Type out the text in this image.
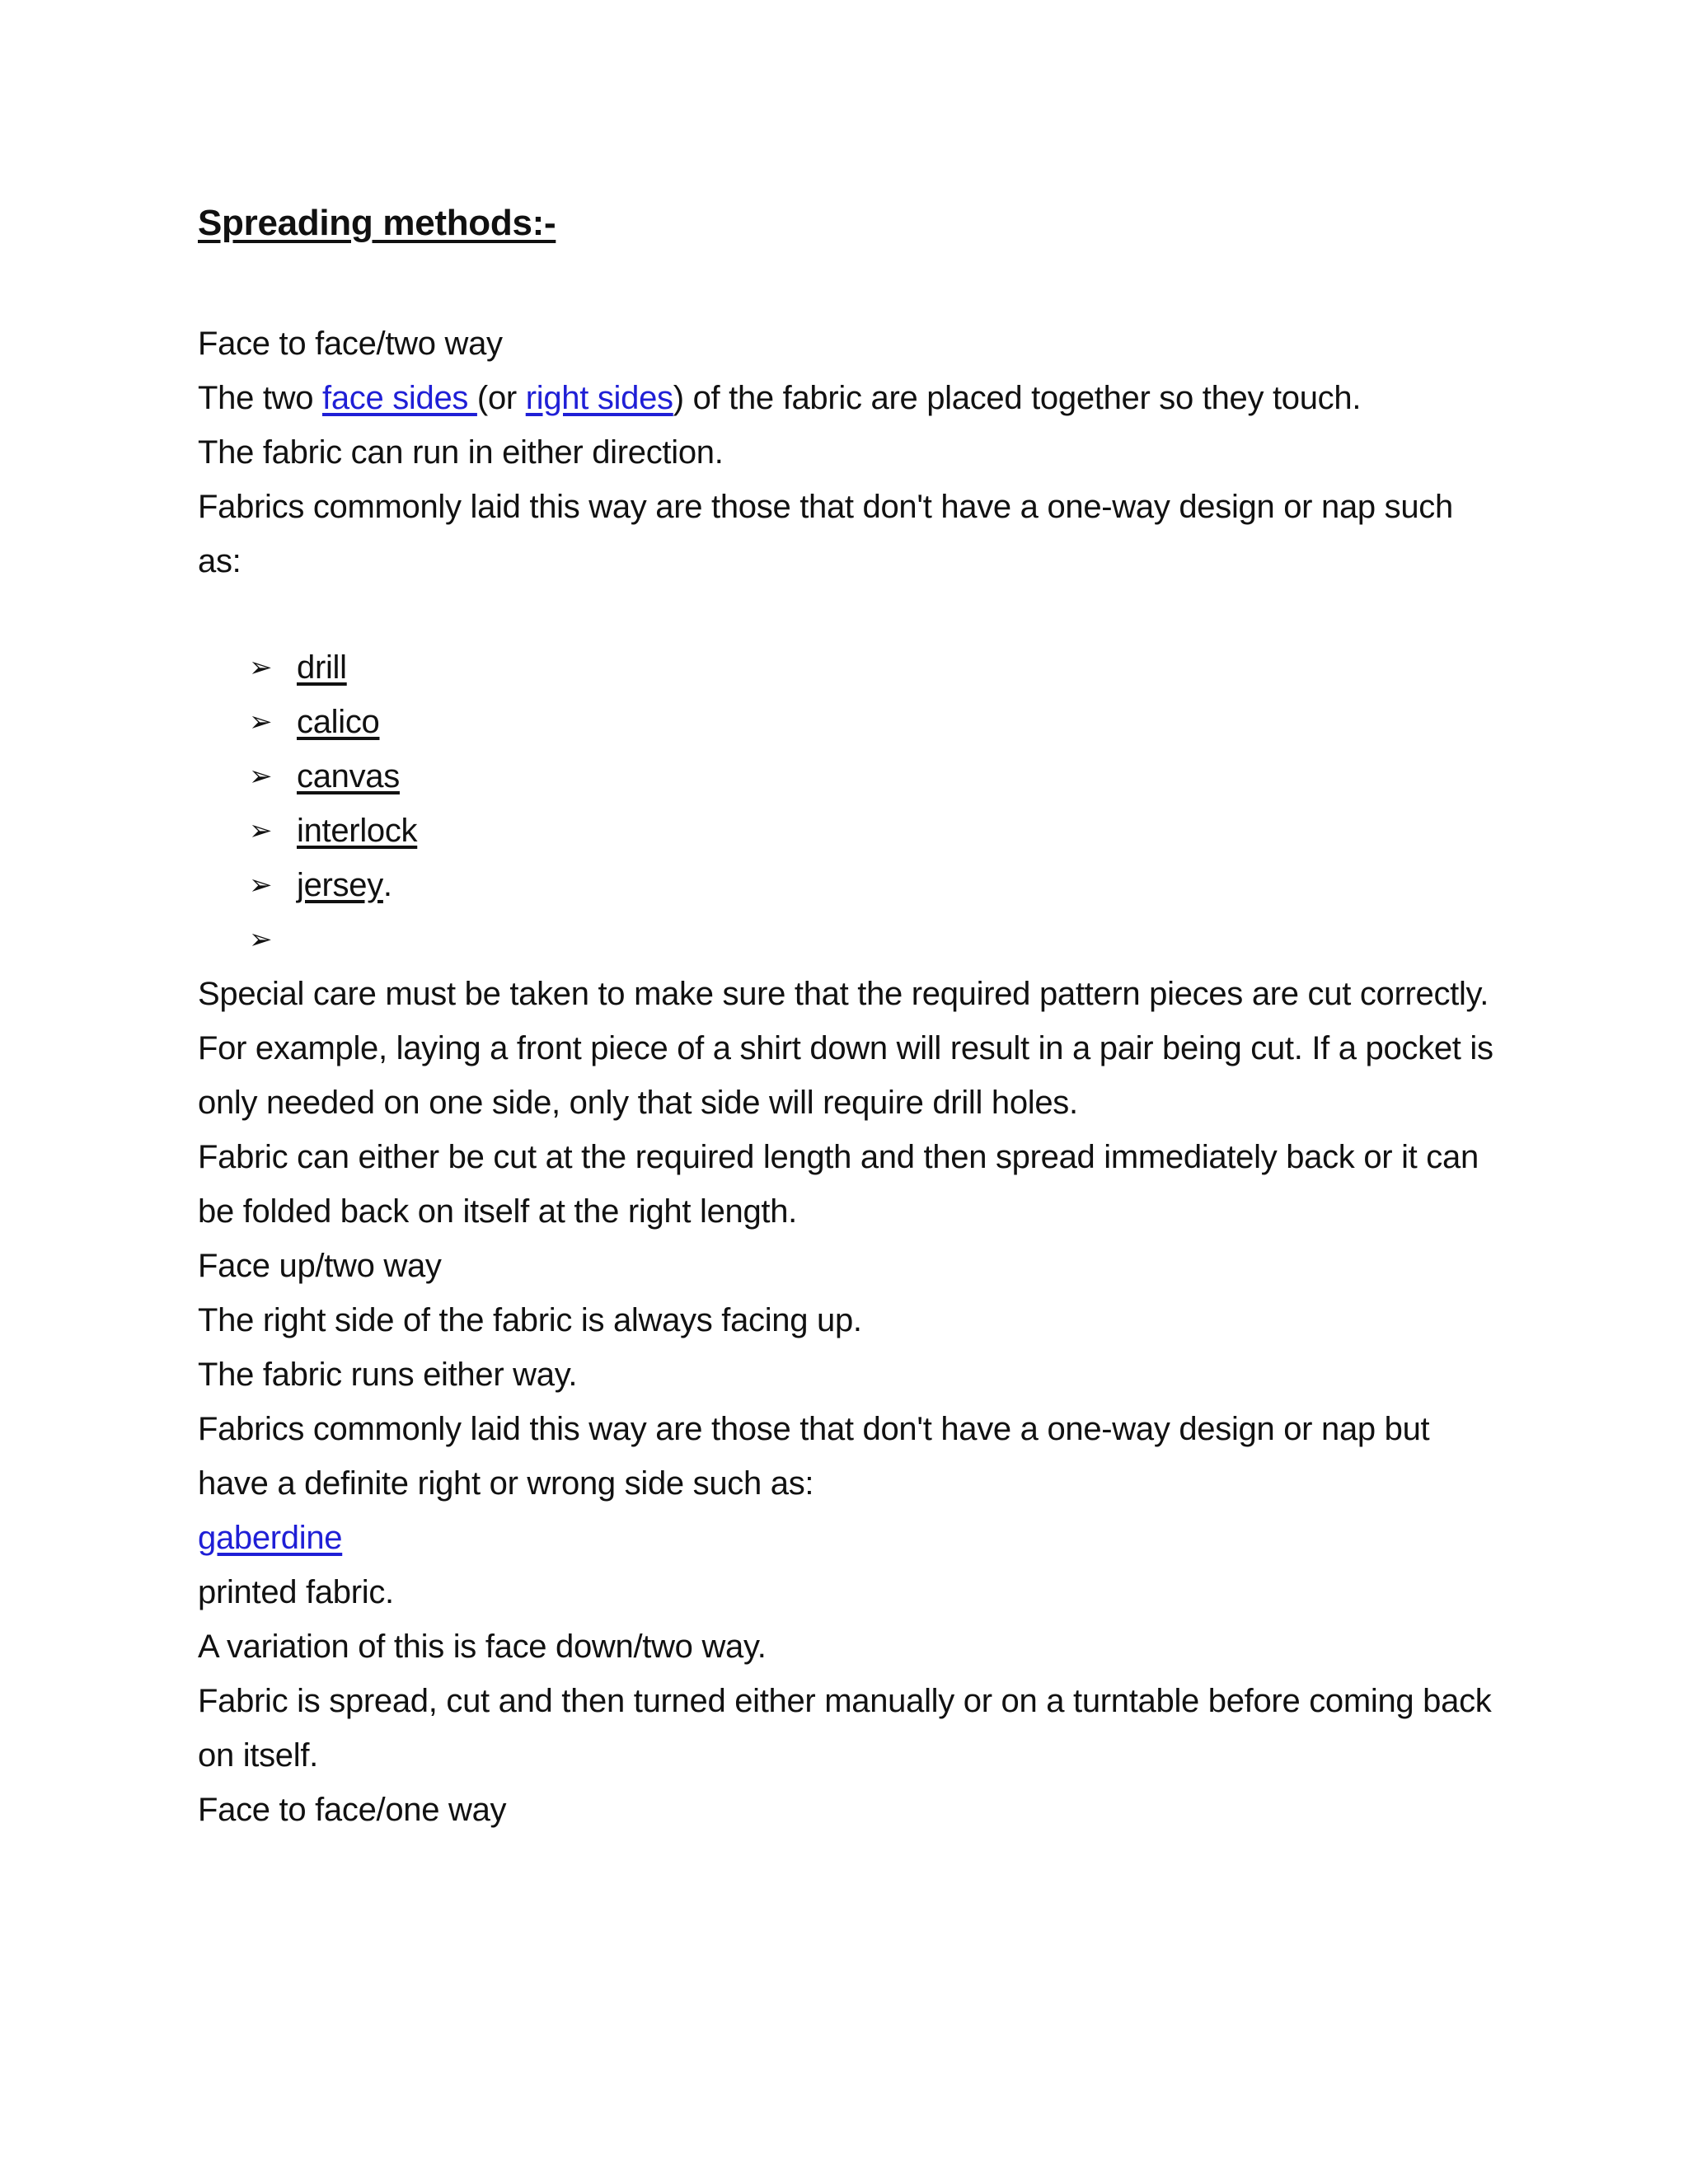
Spreading methods:-

Face to face/two way

The two face sides (or right sides) of the fabric are placed together so they touch.

The fabric can run in either direction.

Fabrics commonly laid this way are those that don't have a one-way design or nap such as:

➢ drill
➢ calico
➢ canvas
➢ interlock
➢ jersey .
➢

Special care must be taken to make sure that the required pattern pieces are cut correctly. For example, laying a front piece of a shirt down will result in a pair being cut. If a pocket is only needed on one side, only that side will require drill holes.

Fabric can either be cut at the required length and then spread immediately back or it can be folded back on itself at the right length.

Face up/two way

The right side of the fabric is always facing up.

The fabric runs either way.

Fabrics commonly laid this way are those that don't have a one-way design or nap but have a definite right or wrong side such as:

gaberdine

printed fabric.

A variation of this is face down/two way.

Fabric is spread, cut and then turned either manually or on a turntable before coming back on itself.

Face to face/one way
